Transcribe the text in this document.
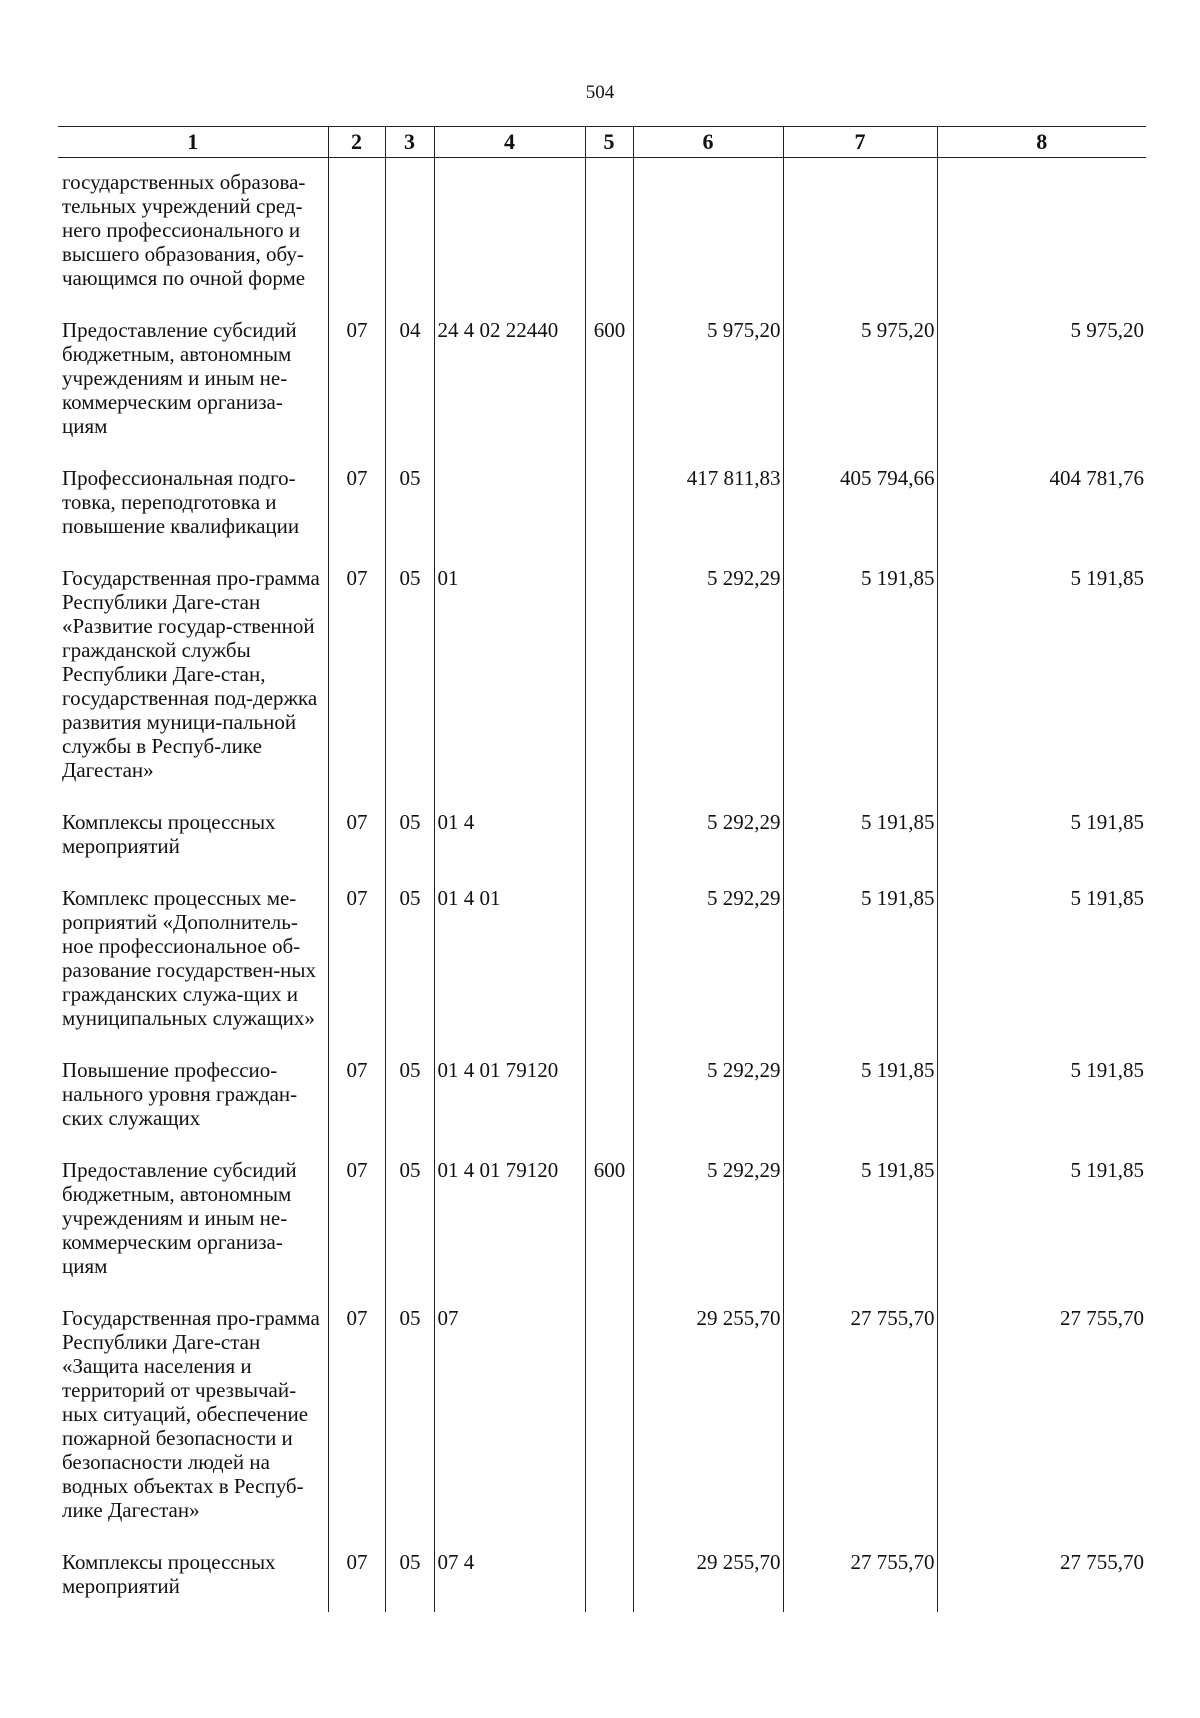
504
1	2	3	4	5	6	7	8
государственных образова-тельных учреждений сред-него профессионального и высшего образования, обу-чающимся по очной форме							
Предоставление субсидий бюджетным, автономным учреждениям и иным не-коммерческим организа-циям	07	04	24 4 02 22440	600	5 975,20	5 975,20	5 975,20
Профессиональная подго-товка, переподготовка и повышение квалификации	07	05			417 811,83	405 794,66	404 781,76
Государственная про-грамма Республики Даге-стан «Развитие государ-ственной гражданской службы Республики Даге-стан, государственная под-держка развития муници-пальной службы в Респуб-лике Дагестан»	07	05	01		5 292,29	5 191,85	5 191,85
Комплексы процессных мероприятий	07	05	01 4		5 292,29	5 191,85	5 191,85
Комплекс процессных ме-роприятий «Дополнитель-ное профессиональное об-разование государствен-ных гражданских служа-щих и муниципальных служащих»	07	05	01 4 01		5 292,29	5 191,85	5 191,85
Повышение профессио-нального уровня граждан-ских служащих	07	05	01 4 01 79120		5 292,29	5 191,85	5 191,85
Предоставление субсидий бюджетным, автономным учреждениям и иным не-коммерческим организа-циям	07	05	01 4 01 79120	600	5 292,29	5 191,85	5 191,85
Государственная про-грамма Республики Даге-стан «Защита населения и территорий от чрезвычай-ных ситуаций, обеспечение пожарной безопасности и безопасности людей на водных объектах в Респуб-лике Дагестан»	07	05	07		29 255,70	27 755,70	27 755,70
Комплексы процессных мероприятий	07	05	07 4		29 255,70	27 755,70	27 755,70
